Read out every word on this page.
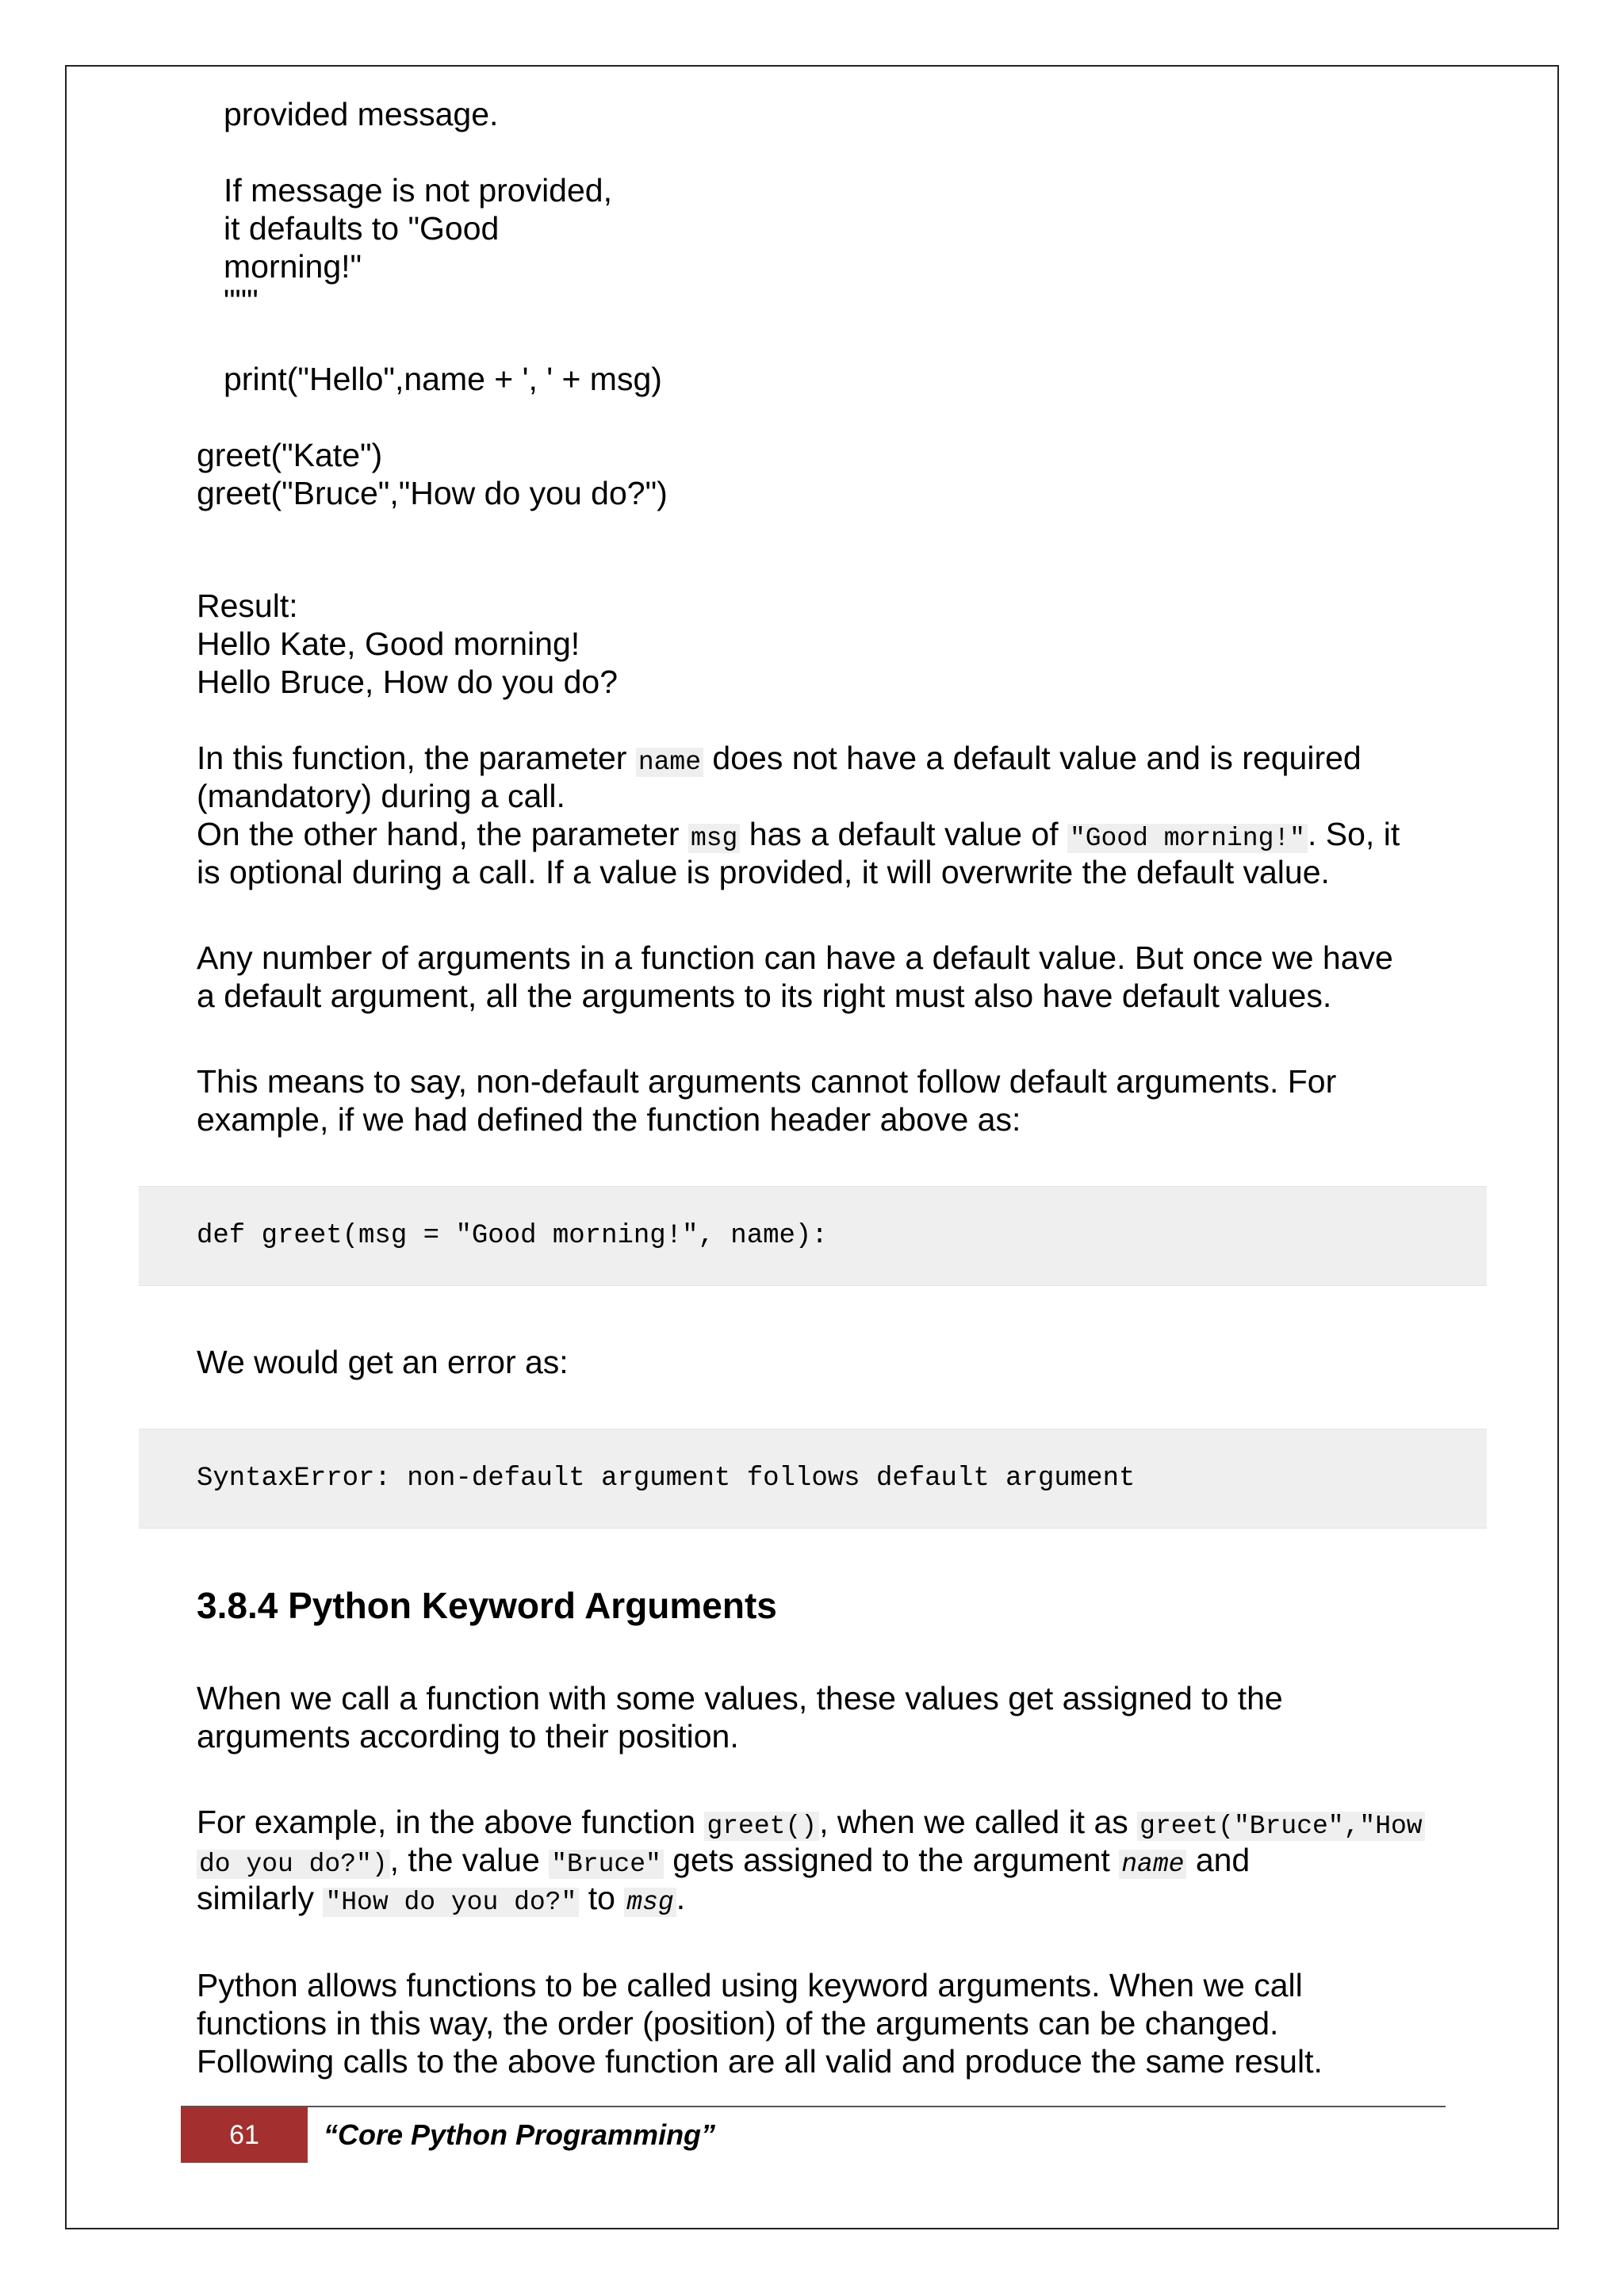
provided message.

If message is not provided,

it defaults to "Good

morning!"

"""

print("Hello",name + ', ' + msg)

greet("Kate")

greet("Bruce","How do you do?")

Result:

Hello Kate, Good morning!

Hello Bruce, How do you do?

In this function, the parameter name does not have a default value and is required

(mandatory) during a call.

On the other hand, the parameter msg has a default value of "Good morning!". So, it

is optional during a call. If a value is provided, it will overwrite the default value.

Any number of arguments in a function can have a default value. But once we have

a default argument, all the arguments to its right must also have default values.

This means to say, non-default arguments cannot follow default arguments. For

example, if we had defined the function header above as:

def greet(msg = "Good morning!", name):

We would get an error as:

SyntaxError: non-default argument follows default argument
3.8.4 Python Keyword Arguments

When we call a function with some values, these values get assigned to the

arguments according to their position.

For example, in the above function greet(), when we called it as greet("Bruce","How

do you do?"), the value "Bruce" gets assigned to the argument name and

similarly "How do you do?" to msg.

Python allows functions to be called using keyword arguments. When we call

functions in this way, the order (position) of the arguments can be changed.

Following calls to the above function are all valid and produce the same result.

61	“Core Python Programming”
